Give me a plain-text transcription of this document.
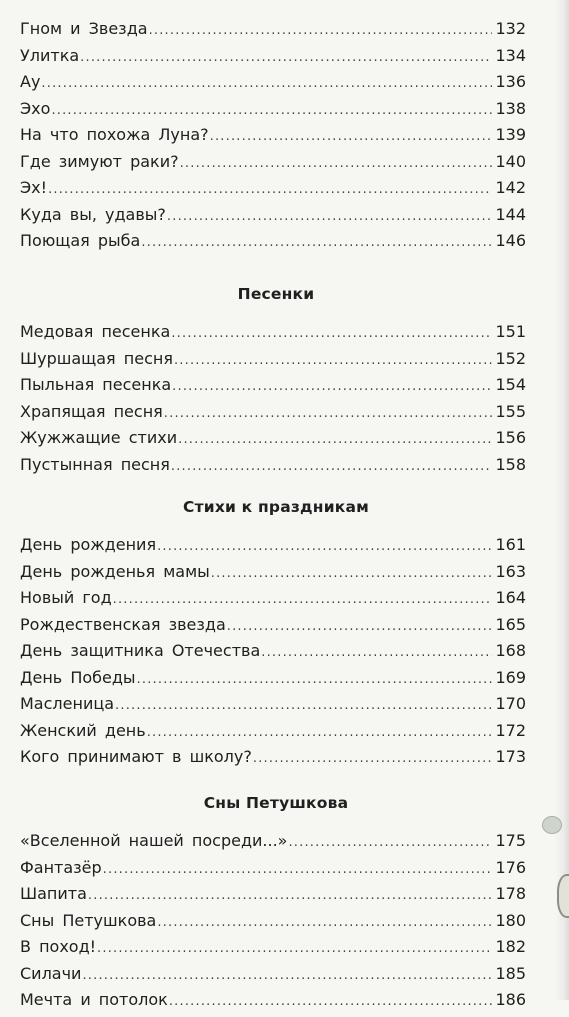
Гном и Звезда .....	132
Улитка .....	134
Ау .....	136
Эхо .....	138
На что похожа Луна? .....	139
Где зимуют раки? .....	140
Эх! .....	142
Куда вы, удавы? .....	144
Поющая рыба .....	146
Песенки
Медовая песенка .....	151
Шуршащая песня .....	152
Пыльная песенка .....	154
Храпящая песня .....	155
Жужжащие стихи .....	156
Пустынная песня .....	158
Стихи к праздникам
День рождения .....	161
День рожденья мамы .....	163
Новый год .....	164
Рождественская звезда .....	165
День защитника Отечества .....	168
День Победы .....	169
Масленица .....	170
Женский день .....	172
Кого принимают в школу? .....	173
Сны Петушкова
«Вселенной нашей посреди...» .....	175
Фантазёр .....	176
Шапита .....	178
Сны Петушкова .....	180
В поход! .....	182
Силачи .....	185
Мечта и потолок .....	186
